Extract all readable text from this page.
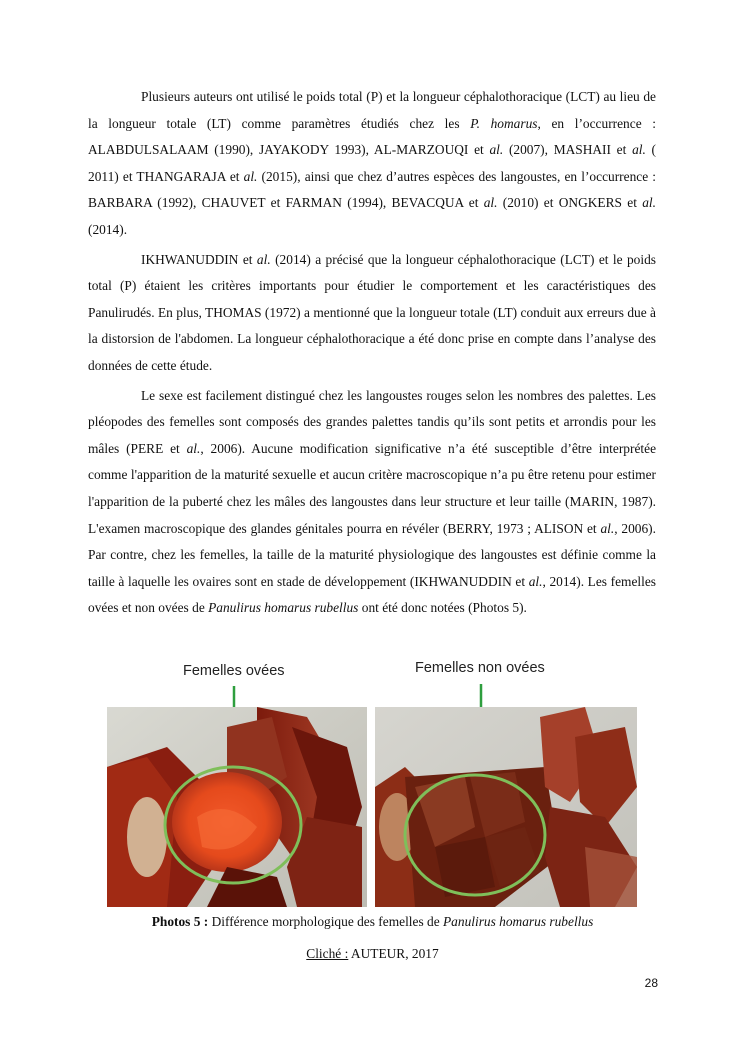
Plusieurs auteurs ont utilisé le poids total (P) et la longueur céphalothoracique (LCT) au lieu de la longueur totale (LT) comme paramètres étudiés chez les P. homarus, en l’occurrence : ALABDULSALAAM (1990), JAYAKODY 1993), AL-MARZOUQI et al. (2007), MASHAII et al. ( 2011) et THANGARAJA et al. (2015), ainsi que chez d’autres espèces des langoustes, en l’occurrence : BARBARA (1992), CHAUVET et FARMAN (1994), BEVACQUA et al. (2010) et ONGKERS et al. (2014).

IKHWANUDDIN et al. (2014) a précisé que la longueur céphalothoracique (LCT) et le poids total (P) étaient les critères importants pour étudier le comportement et les caractéristiques des Panulirudés. En plus, THOMAS (1972) a mentionné que la longueur totale (LT) conduit aux erreurs due à la distorsion de l'abdomen. La longueur céphalothoracique a été donc prise en compte dans l’analyse des données de cette étude.

Le sexe est facilement distingué chez les langoustes rouges selon les nombres des palettes. Les pléopodes des femelles sont composés des grandes palettes tandis qu’ils sont petits et arrondis pour les mâles (PERE et al., 2006). Aucune modification significative n’a été susceptible d’être interprétée comme l'apparition de la maturité sexuelle et aucun critère macroscopique n’a pu être retenu pour estimer l'apparition de la puberté chez les mâles des langoustes dans leur structure et leur taille (MARIN, 1987). L'examen macroscopique des glandes génitales pourra en révéler (BERRY, 1973 ; ALISON et al., 2006). Par contre, chez les femelles, la taille de la maturité physiologique des langoustes est définie comme la taille à laquelle les ovaires sont en stade de développement (IKHWANUDDIN et al., 2014). Les femelles ovées et non ovées de Panulirus homarus rubellus ont été donc notées (Photos 5).

Femelles ovées	Femelles non ovées
Photos 5 : Différence morphologique des femelles de Panulirus homarus rubellus
Cliché : AUTEUR, 2017
28
